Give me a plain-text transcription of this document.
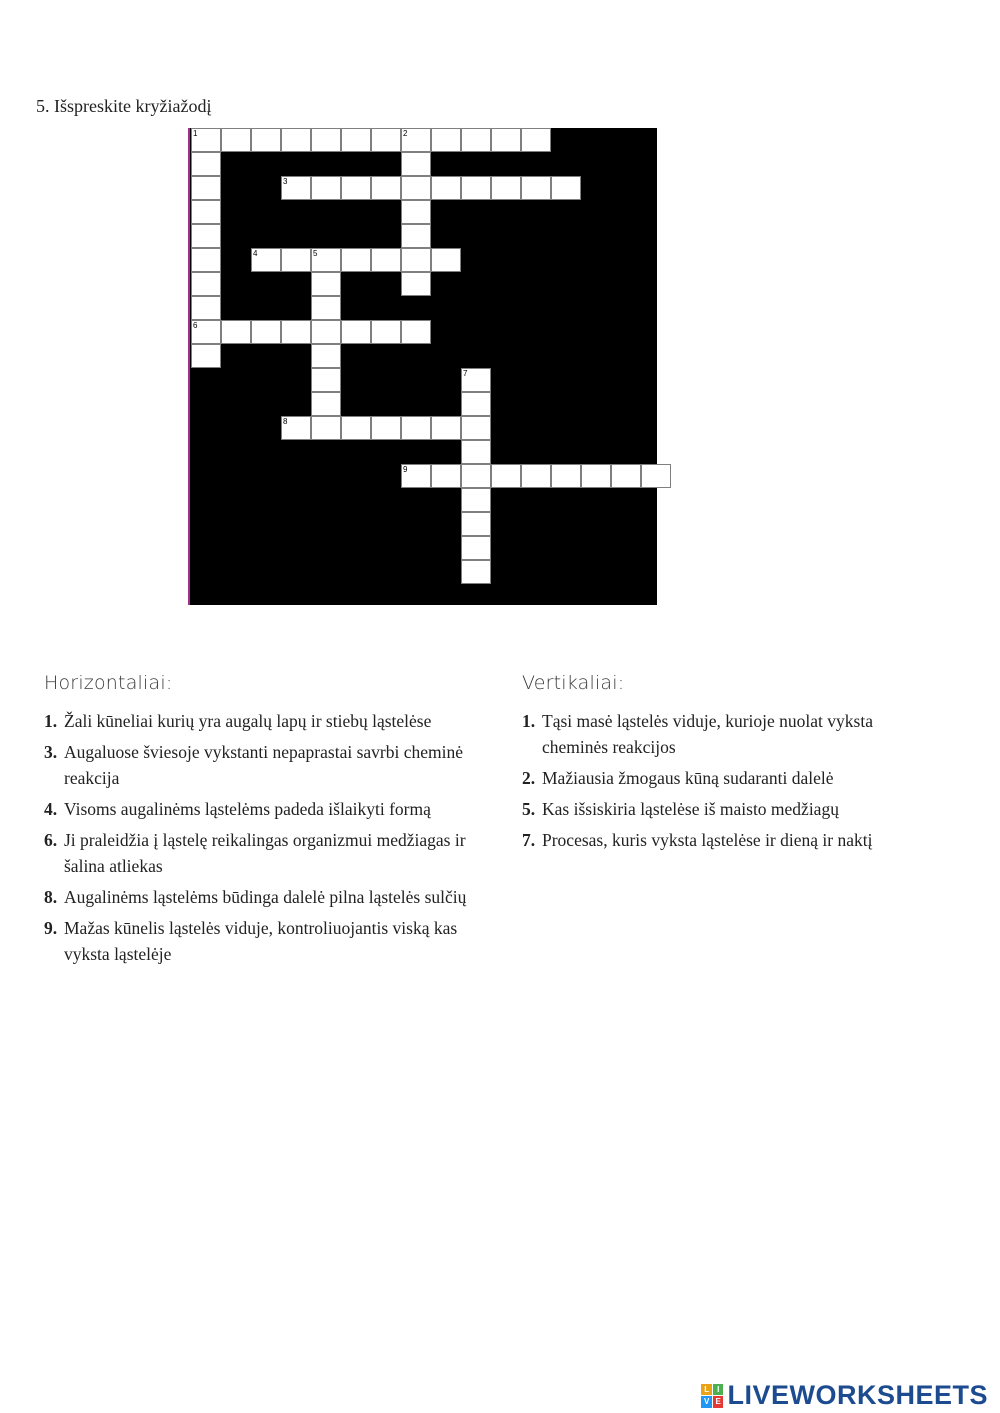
5. Išspreskite kryžiažodį
1	2
6
3
4	5
7
8
9
Horizontaliai:
1. Žali kūneliai kurių yra augalų lapų ir stiebų ląstelėse
3. Augaluose šviesoje vykstanti nepaprastai savrbi cheminė reakcija
4. Visoms augalinėms ląstelėms padeda išlaikyti formą
6. Ji praleidžia į ląstelę reikalingas organizmui medžiagas ir šalina atliekas
8. Augalinėms ląstelėms būdinga dalelė pilna ląstelės sulčių
9. Mažas kūnelis ląstelės viduje, kontroliuojantis viską kas vyksta ląstelėje
Vertikaliai:
1. Tąsi masė ląstelės viduje, kurioje nuolat vyksta cheminės reakcijos
2. Mažiausia žmogaus kūną sudaranti dalelė
5. Kas išsiskiria ląstelėse iš maisto medžiagų
7. Procesas, kuris vyksta ląstelėse ir dieną ir naktį
L I
V E LIVEWORKSHEETS
